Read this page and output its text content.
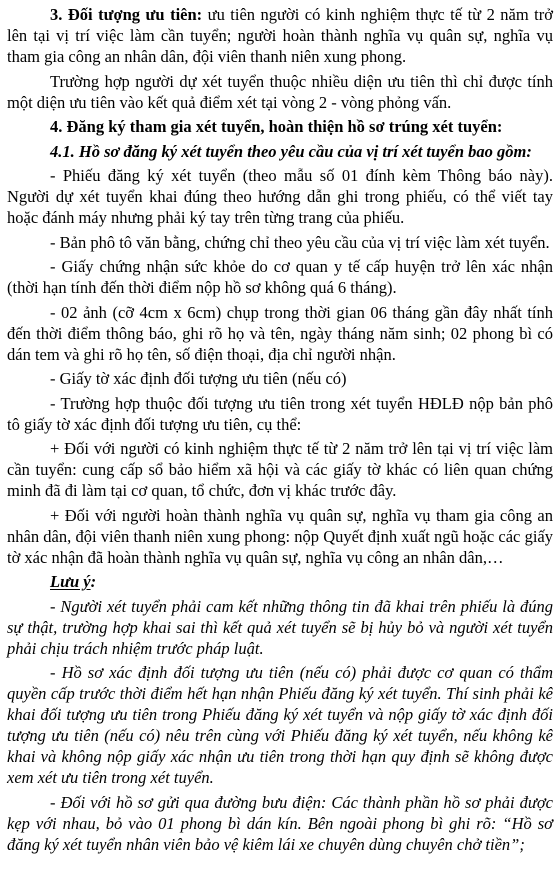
3. Đối tượng ưu tiên: ưu tiên người có kinh nghiệm thực tế từ 2 năm trở lên tại vị trí việc làm cần tuyển; người hoàn thành nghĩa vụ quân sự, nghĩa vụ tham gia công an nhân dân, đội viên thanh niên xung phong.

Trường hợp người dự xét tuyển thuộc nhiều diện ưu tiên thì chỉ được tính một diện ưu tiên vào kết quả điểm xét tại vòng 2 - vòng phỏng vấn.

4. Đăng ký tham gia xét tuyển, hoàn thiện hồ sơ trúng xét tuyển:

4.1. Hồ sơ đăng ký xét tuyển theo yêu cầu của vị trí xét tuyển bao gồm:

- Phiếu đăng ký xét tuyển (theo mẫu số 01 đính kèm Thông báo này). Người dự xét tuyển khai đúng theo hướng dẫn ghi trong phiếu, có thể viết tay hoặc đánh máy nhưng phải ký tay trên từng trang của phiếu.

- Bản phô tô văn bằng, chứng chỉ theo yêu cầu của vị trí việc làm xét tuyển.

- Giấy chứng nhận sức khỏe do cơ quan y tế cấp huyện trở lên xác nhận (thời hạn tính đến thời điểm nộp hồ sơ không quá 6 tháng).

- 02 ảnh (cỡ 4cm x 6cm) chụp trong thời gian 06 tháng gần đây nhất tính đến thời điểm thông báo, ghi rõ họ và tên, ngày tháng năm sinh; 02 phong bì có dán tem và ghi rõ họ tên, số điện thoại, địa chỉ người nhận.

- Giấy tờ xác định đối tượng ưu tiên (nếu có)

- Trường hợp thuộc đối tượng ưu tiên trong xét tuyển HĐLĐ nộp bản phô tô giấy tờ xác định đối tượng ưu tiên, cụ thể:

+ Đối với người có kinh nghiệm thực tế từ 2 năm trở lên tại vị trí việc làm cần tuyển: cung cấp sổ bảo hiểm xã hội và các giấy tờ khác có liên quan chứng minh đã đi làm tại cơ quan, tổ chức, đơn vị khác trước đây.

+ Đối với người hoàn thành nghĩa vụ quân sự, nghĩa vụ tham gia công an nhân dân, đội viên thanh niên xung phong: nộp Quyết định xuất ngũ hoặc các giấy tờ xác nhận đã hoàn thành nghĩa vụ quân sự, nghĩa vụ công an nhân dân,…

Lưu ý:

- Người xét tuyển phải cam kết những thông tin đã khai trên phiếu là đúng sự thật, trường hợp khai sai thì kết quả xét tuyển sẽ bị hủy bỏ và người xét tuyển phải chịu trách nhiệm trước pháp luật.

- Hồ sơ xác định đối tượng ưu tiên (nếu có) phải được cơ quan có thẩm quyền cấp trước thời điểm hết hạn nhận Phiếu đăng ký xét tuyển. Thí sinh phải kê khai đối tượng ưu tiên trong Phiếu đăng ký xét tuyển và nộp giấy tờ xác định đối tượng ưu tiên (nếu có) nêu trên cùng với Phiếu đăng ký xét tuyển, nếu không kê khai và không nộp giấy xác nhận ưu tiên trong thời hạn quy định sẽ không được xem xét ưu tiên trong xét tuyển.

- Đối với hồ sơ gửi qua đường bưu điện: Các thành phần hồ sơ phải được kẹp với nhau, bỏ vào 01 phong bì dán kín. Bên ngoài phong bì ghi rõ: “Hồ sơ đăng ký xét tuyển nhân viên bảo vệ kiêm lái xe chuyên dùng chuyên chở tiền”;
